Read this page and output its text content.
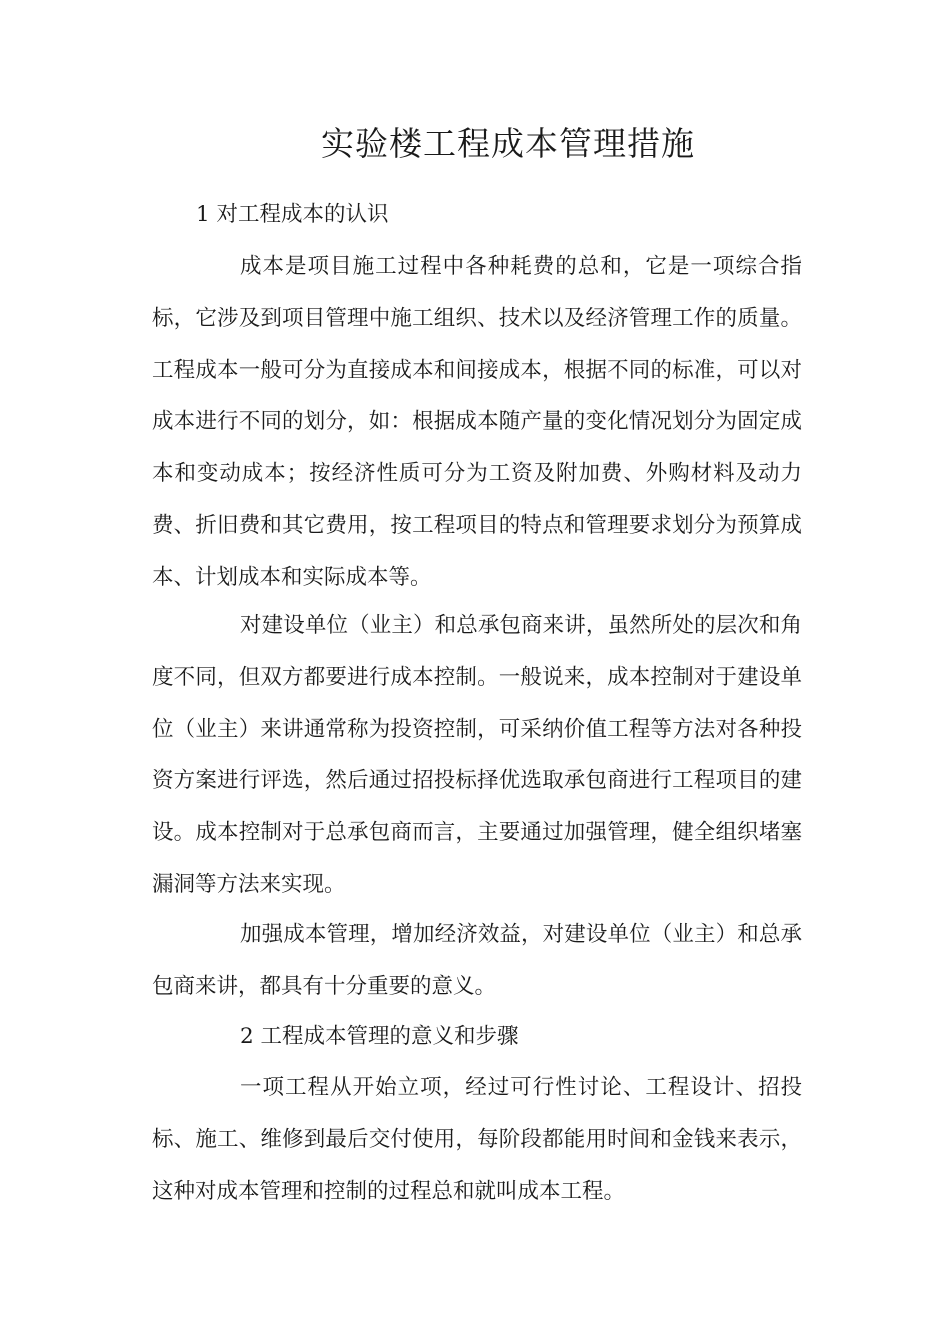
实验楼工程成本管理措施
1 对工程成本的认识
成本是项目施工过程中各种耗费的总和，它是一项综合指标，它涉及到项目管理中施工组织、技术以及经济管理工作的质量。工程成本一般可分为直接成本和间接成本，根据不同的标准，可以对成本进行不同的划分，如：根据成本随产量的变化情况划分为固定成本和变动成本；按经济性质可分为工资及附加费、外购材料及动力费、折旧费和其它费用，按工程项目的特点和管理要求划分为预算成本、计划成本和实际成本等。
对建设单位（业主）和总承包商来讲，虽然所处的层次和角度不同，但双方都要进行成本控制。一般说来，成本控制对于建设单位（业主）来讲通常称为投资控制，可采纳价值工程等方法对各种投资方案进行评选，然后通过招投标择优选取承包商进行工程项目的建设。成本控制对于总承包商而言，主要通过加强管理，健全组织堵塞漏洞等方法来实现。
加强成本管理，增加经济效益，对建设单位（业主）和总承包商来讲，都具有十分重要的意义。
2 工程成本管理的意义和步骤
一项工程从开始立项，经过可行性讨论、工程设计、招投标、施工、维修到最后交付使用，每阶段都能用时间和金钱来表示，这种对成本管理和控制的过程总和就叫成本工程。
